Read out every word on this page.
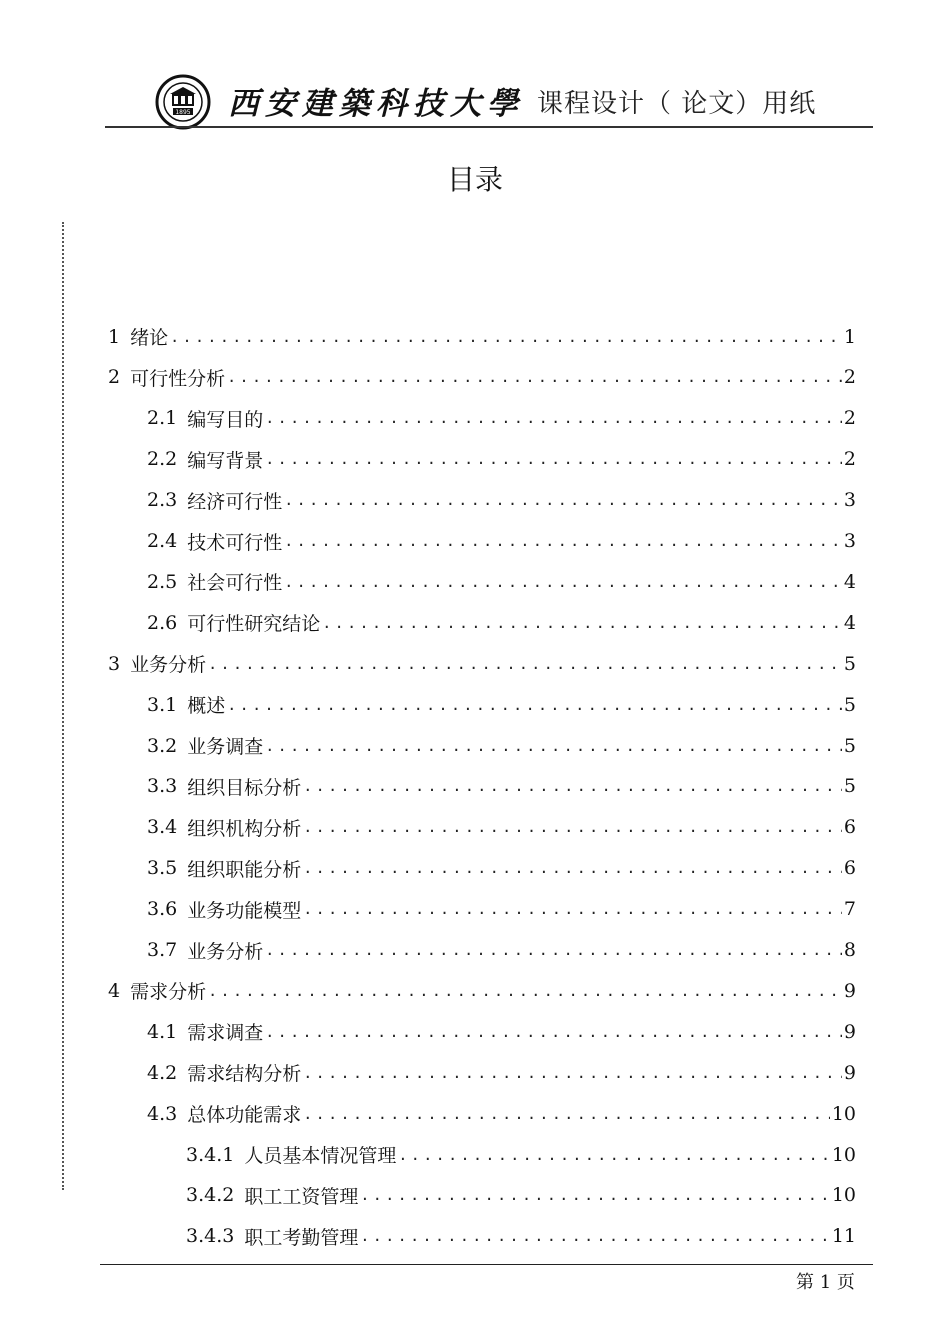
1895 西安建築科技大學 课程设计（ 论文）用纸
目录
1 绪论 .....	1
2 可行性分析 .....	2
2.1 编写目的 .....	2
2.2 编写背景 .....	2
2.3 经济可行性 .....	3
2.4 技术可行性 .....	3
2.5 社会可行性 .....	4
2.6 可行性研究结论 .....	4
3 业务分析 .....	5
3.1 概述 .....	5
3.2 业务调查 .....	5
3.3 组织目标分析 .....	5
3.4 组织机构分析 .....	6
3.5 组织职能分析 .....	6
3.6 业务功能模型 .....	7
3.7 业务分析 .....	8
4 需求分析 .....	9
4.1 需求调查 .....	9
4.2 需求结构分析 .....	9
4.3 总体功能需求 .....	10
3.4.1 人员基本情况管理 .....	10
3.4.2 职工工资管理 .....	10
3.4.3 职工考勤管理 .....	11
第 1 页
